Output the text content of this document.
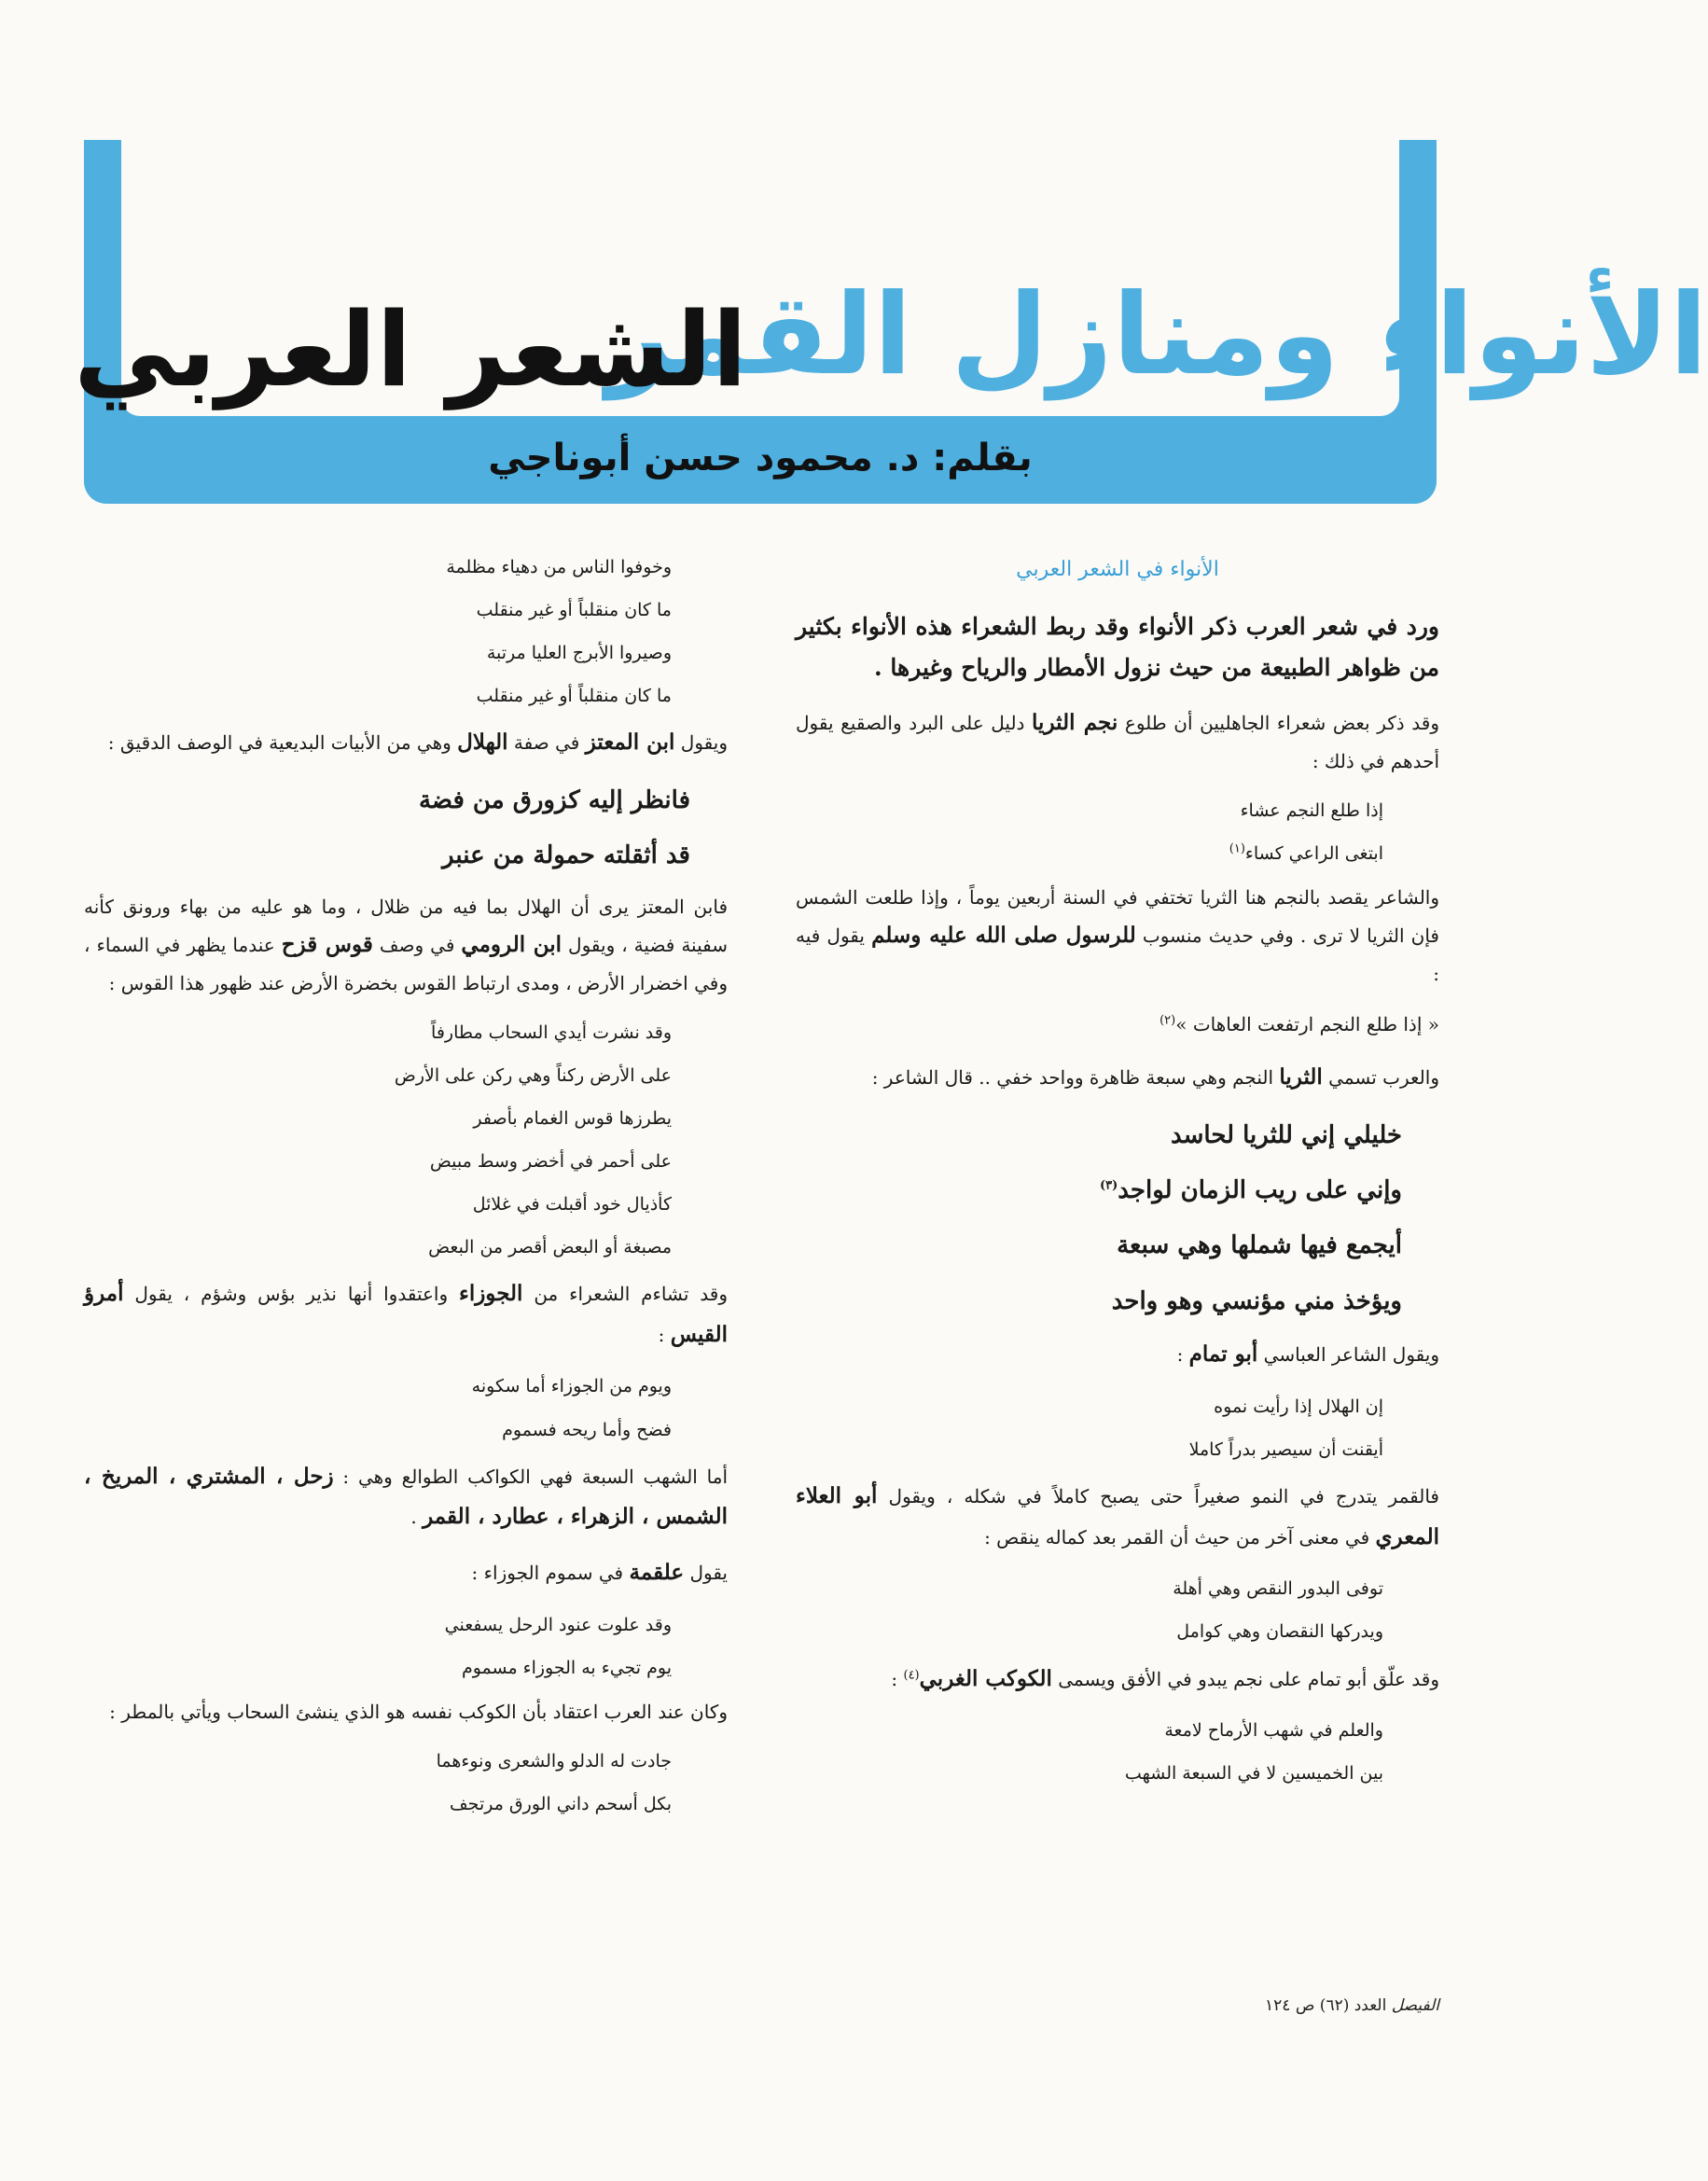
الأنواء ومنازل القمر
الشعر العربي
بقلم: د. محمود حسن أبوناجي
الأنواء في الشعر العربي

ورد في شعر العرب ذكر الأنواء وقد ربط الشعراء هذه الأنواء بكثير من ظواهر الطبيعة من حيث نزول الأمطار والرياح وغيرها .

وقد ذكر بعض شعراء الجاهليين أن طلوع نجم الثريا دليل على البرد والصقيع يقول أحدهم في ذلك :

إذا طلع النجم عشاء
ابتغى الراعي كساء$^{(١)}$

والشاعر يقصد بالنجم هنا الثريا تختفي في السنة أربعين يوماً ، وإذا طلعت الشمس فإن الثريا لا ترى . وفي حديث منسوب للرسول صلى الله عليه وسلم يقول فيه :

« إذا طلع النجم ارتفعت العاهات »$^{(٢)}$

والعرب تسمي الثريا النجم وهي سبعة ظاهرة وواحد خفي .. قال الشاعر :

خليلي إني للثريا لحاسد
وإني على ريب الزمان لواجد$^{(٣)}$
أيجمع فيها شملها وهي سبعة
ويؤخذ مني مؤنسي وهو واحد

ويقول الشاعر العباسي أبو تمام :

إن الهلال إذا رأيت نموه
أيقنت أن سيصير بدراً كاملا

فالقمر يتدرج في النمو صغيراً حتى يصبح كاملاً في شكله ، ويقول أبو العلاء المعري في معنى آخر من حيث أن القمر بعد كماله ينقص :

توفى البدور النقص وهي أهلة
ويدركها النقصان وهي كوامل

وقد علّق أبو تمام على نجم يبدو في الأفق ويسمى الكوكب الغربي$^{(٤)}$ :

والعلم في شهب الأرماح لامعة
بين الخميسين لا في السبعة الشهب
وخوفوا الناس من دهياء مظلمة
ما كان منقلباً أو غير منقلب
وصيروا الأبرج العليا مرتبة
ما كان منقلباً أو غير منقلب

ويقول ابن المعتز في صفة الهلال وهي من الأبيات البديعية في الوصف الدقيق :

فانظر إليه كزورق من فضة
قد أثقلته حمولة من عنبر

فابن المعتز يرى أن الهلال بما فيه من ظلال ، وما هو عليه من بهاء ورونق كأنه سفينة فضية ، ويقول ابن الرومي في وصف قوس قزح عندما يظهر في السماء ، وفي اخضرار الأرض ، ومدى ارتباط القوس بخضرة الأرض عند ظهور هذا القوس :

وقد نشرت أيدي السحاب مطارفاً
على الأرض ركناً وهي ركن على الأرض
يطرزها قوس الغمام بأصفر
على أحمر في أخضر وسط مبيض
كأذيال خود أقبلت في غلائل
مصبغة أو البعض أقصر من البعض

وقد تشاءم الشعراء من الجوزاء واعتقدوا أنها نذير بؤس وشؤم ، يقول أمرؤ القيس :

ويوم من الجوزاء أما سكونه
فضح وأما ريحه فسموم

أما الشهب السبعة فهي الكواكب الطوالع وهي : زحل ، المشتري ، المريخ ، الشمس ، الزهراء ، عطارد ، القمر .

يقول علقمة في سموم الجوزاء :

وقد علوت عنود الرحل يسفعني
يوم تجيء به الجوزاء مسموم

وكان عند العرب اعتقاد بأن الكوكب نفسه هو الذي ينشئ السحاب ويأتي بالمطر :

جادت له الدلو والشعرى ونوءهما
بكل أسحم داني الورق مرتجف
الفيصل العدد (٦٢) ص ١٢٤
